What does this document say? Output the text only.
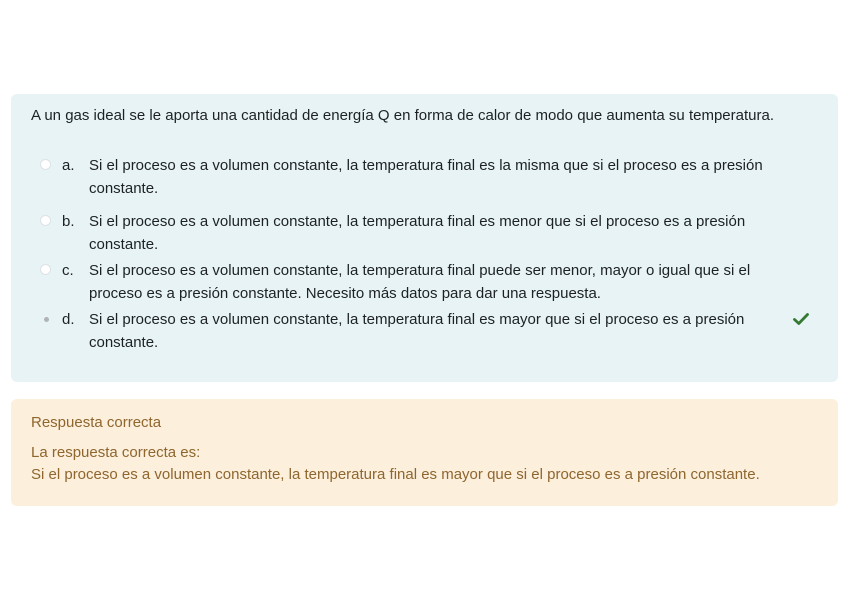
A un gas ideal se le aporta una cantidad de energía Q en forma de calor de modo que aumenta su temperatura.

a. Si el proceso es a volumen constante, la temperatura final es la misma que si el proceso es a presión constante.
b. Si el proceso es a volumen constante, la temperatura final es menor que si el proceso es a presión constante.
c. Si el proceso es a volumen constante, la temperatura final puede ser menor, mayor o igual que si el proceso es a presión constante. Necesito más datos para dar una respuesta.
d. Si el proceso es a volumen constante, la temperatura final es mayor que si el proceso es a presión constante.
Respuesta correcta
La respuesta correcta es:
Si el proceso es a volumen constante, la temperatura final es mayor que si el proceso es a presión constante.
